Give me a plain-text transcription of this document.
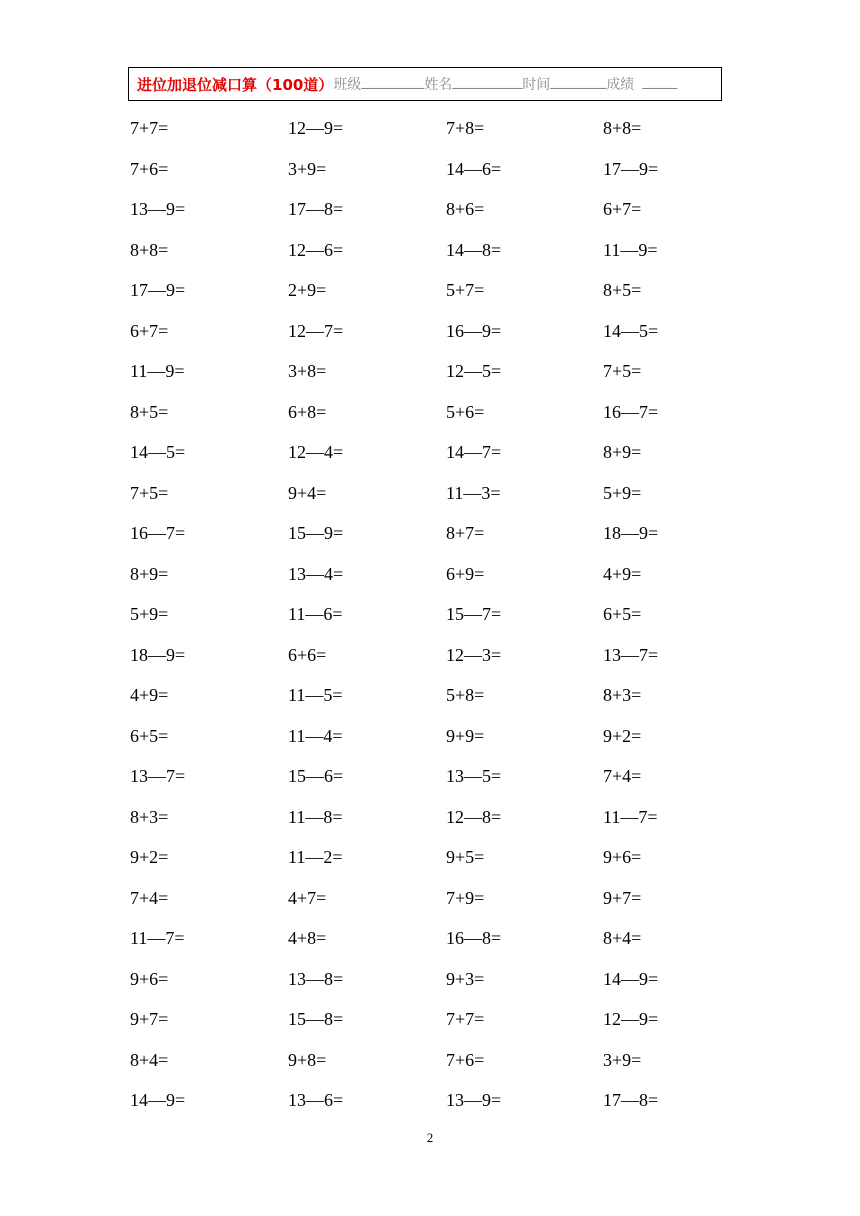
进位加退位减口算（100道） 班级 _________ 姓名 __________ 时间 ________ 成绩 _____
7+7=	12—9=	7+8=	8+8=
7+6=	3+9=	14—6=	17—9=
13—9=	17—8=	8+6=	6+7=
8+8=	12—6=	14—8=	11—9=
17—9=	2+9=	5+7=	8+5=
6+7=	12—7=	16—9=	14—5=
11—9=	3+8=	12—5=	7+5=
8+5=	6+8=	5+6=	16—7=
14—5=	12—4=	14—7=	8+9=
7+5=	9+4=	11—3=	5+9=
16—7=	15—9=	8+7=	18—9=
8+9=	13—4=	6+9=	4+9=
5+9=	11—6=	15—7=	6+5=
18—9=	6+6=	12—3=	13—7=
4+9=	11—5=	5+8=	8+3=
6+5=	11—4=	9+9=	9+2=
13—7=	15—6=	13—5=	7+4=
8+3=	11—8=	12—8=	11—7=
9+2=	11—2=	9+5=	9+6=
7+4=	4+7=	7+9=	9+7=
11—7=	4+8=	16—8=	8+4=
9+6=	13—8=	9+3=	14—9=
9+7=	15—8=	7+7=	12—9=
8+4=	9+8=	7+6=	3+9=
14—9=	13—6=	13—9=	17—8=
2
